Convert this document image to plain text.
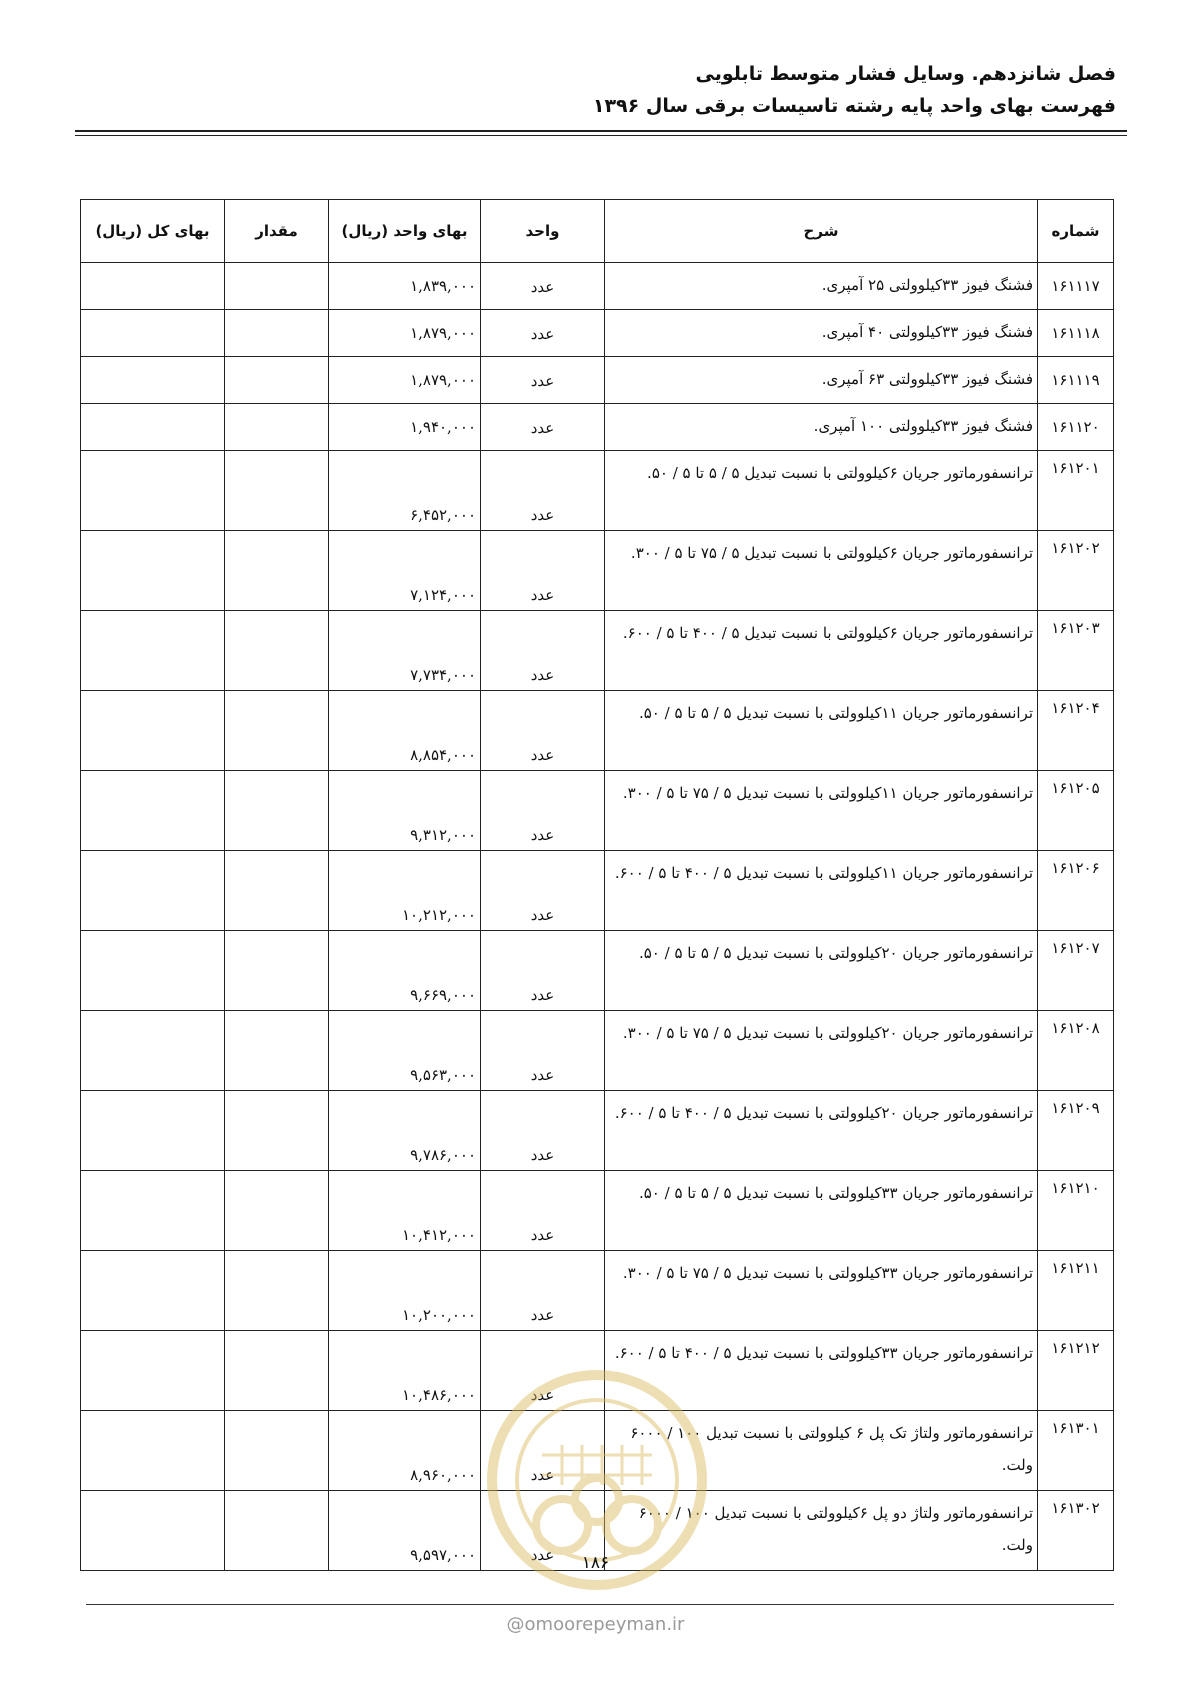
فصل شانزدهم. وسایل فشار متوسط تابلویی
فهرست بهای واحد پایه رشته تاسیسات برقی سال ۱۳۹۶
شماره	شرح	واحد	بهای واحد (ریال)	مقدار	بهای کل (ریال)
۱۶۱۱۱۷	فشنگ فیوز ۳۳کیلوولتی ۲۵ آمپری.	عدد	۱,۸۳۹,۰۰۰		
۱۶۱۱۱۸	فشنگ فیوز ۳۳کیلوولتی ۴۰ آمپری.	عدد	۱,۸۷۹,۰۰۰		
۱۶۱۱۱۹	فشنگ فیوز ۳۳کیلوولتی ۶۳ آمپری.	عدد	۱,۸۷۹,۰۰۰		
۱۶۱۱۲۰	فشنگ فیوز ۳۳کیلوولتی ۱۰۰ آمپری.	عدد	۱,۹۴۰,۰۰۰		
۱۶۱۲۰۱	ترانسفورماتور جریان ۶کیلوولتی با نسبت تبدیل ۵ / ۵ تا ۵ / ۵۰.	عدد	۶,۴۵۲,۰۰۰		
۱۶۱۲۰۲	ترانسفورماتور جریان ۶کیلوولتی با نسبت تبدیل ۵ / ۷۵ تا ۵ / ۳۰۰.	عدد	۷,۱۲۴,۰۰۰		
۱۶۱۲۰۳	ترانسفورماتور جریان ۶کیلوولتی با نسبت تبدیل ۵ / ۴۰۰ تا ۵ / ۶۰۰.	عدد	۷,۷۳۴,۰۰۰		
۱۶۱۲۰۴	ترانسفورماتور جریان ۱۱کیلوولتی با نسبت تبدیل ۵ / ۵ تا ۵ / ۵۰.	عدد	۸,۸۵۴,۰۰۰		
۱۶۱۲۰۵	ترانسفورماتور جریان ۱۱کیلوولتی با نسبت تبدیل ۵ / ۷۵ تا ۵ / ۳۰۰.	عدد	۹,۳۱۲,۰۰۰		
۱۶۱۲۰۶	ترانسفورماتور جریان ۱۱کیلوولتی با نسبت تبدیل ۵ / ۴۰۰ تا ۵ / ۶۰۰.	عدد	۱۰,۲۱۲,۰۰۰		
۱۶۱۲۰۷	ترانسفورماتور جریان ۲۰کیلوولتی با نسبت تبدیل ۵ / ۵ تا ۵ / ۵۰.	عدد	۹,۶۶۹,۰۰۰		
۱۶۱۲۰۸	ترانسفورماتور جریان ۲۰کیلوولتی با نسبت تبدیل ۵ / ۷۵ تا ۵ / ۳۰۰.	عدد	۹,۵۶۳,۰۰۰		
۱۶۱۲۰۹	ترانسفورماتور جریان ۲۰کیلوولتی با نسبت تبدیل ۵ / ۴۰۰ تا ۵ / ۶۰۰.	عدد	۹,۷۸۶,۰۰۰		
۱۶۱۲۱۰	ترانسفورماتور جریان ۳۳کیلوولتی با نسبت تبدیل ۵ / ۵ تا ۵ / ۵۰.	عدد	۱۰,۴۱۲,۰۰۰		
۱۶۱۲۱۱	ترانسفورماتور جریان ۳۳کیلوولتی با نسبت تبدیل ۵ / ۷۵ تا ۵ / ۳۰۰.	عدد	۱۰,۲۰۰,۰۰۰		
۱۶۱۲۱۲	ترانسفورماتور جریان ۳۳کیلوولتی با نسبت تبدیل ۵ / ۴۰۰ تا ۵ / ۶۰۰.	عدد	۱۰,۴۸۶,۰۰۰		
۱۶۱۳۰۱	ترانسفورماتور ولتاژ تک پل ۶ کیلوولتی با نسبت تبدیل ۱۰۰ / ۶۰۰۰ ولت.	عدد	۸,۹۶۰,۰۰۰		
۱۶۱۳۰۲	ترانسفورماتور ولتاژ دو پل ۶کیلوولتی با نسبت تبدیل ۱۰۰ / ۶۰۰۰ ولت.	عدد	۹,۵۹۷,۰۰۰			۱۸۶
@omoorepeyman.ir
